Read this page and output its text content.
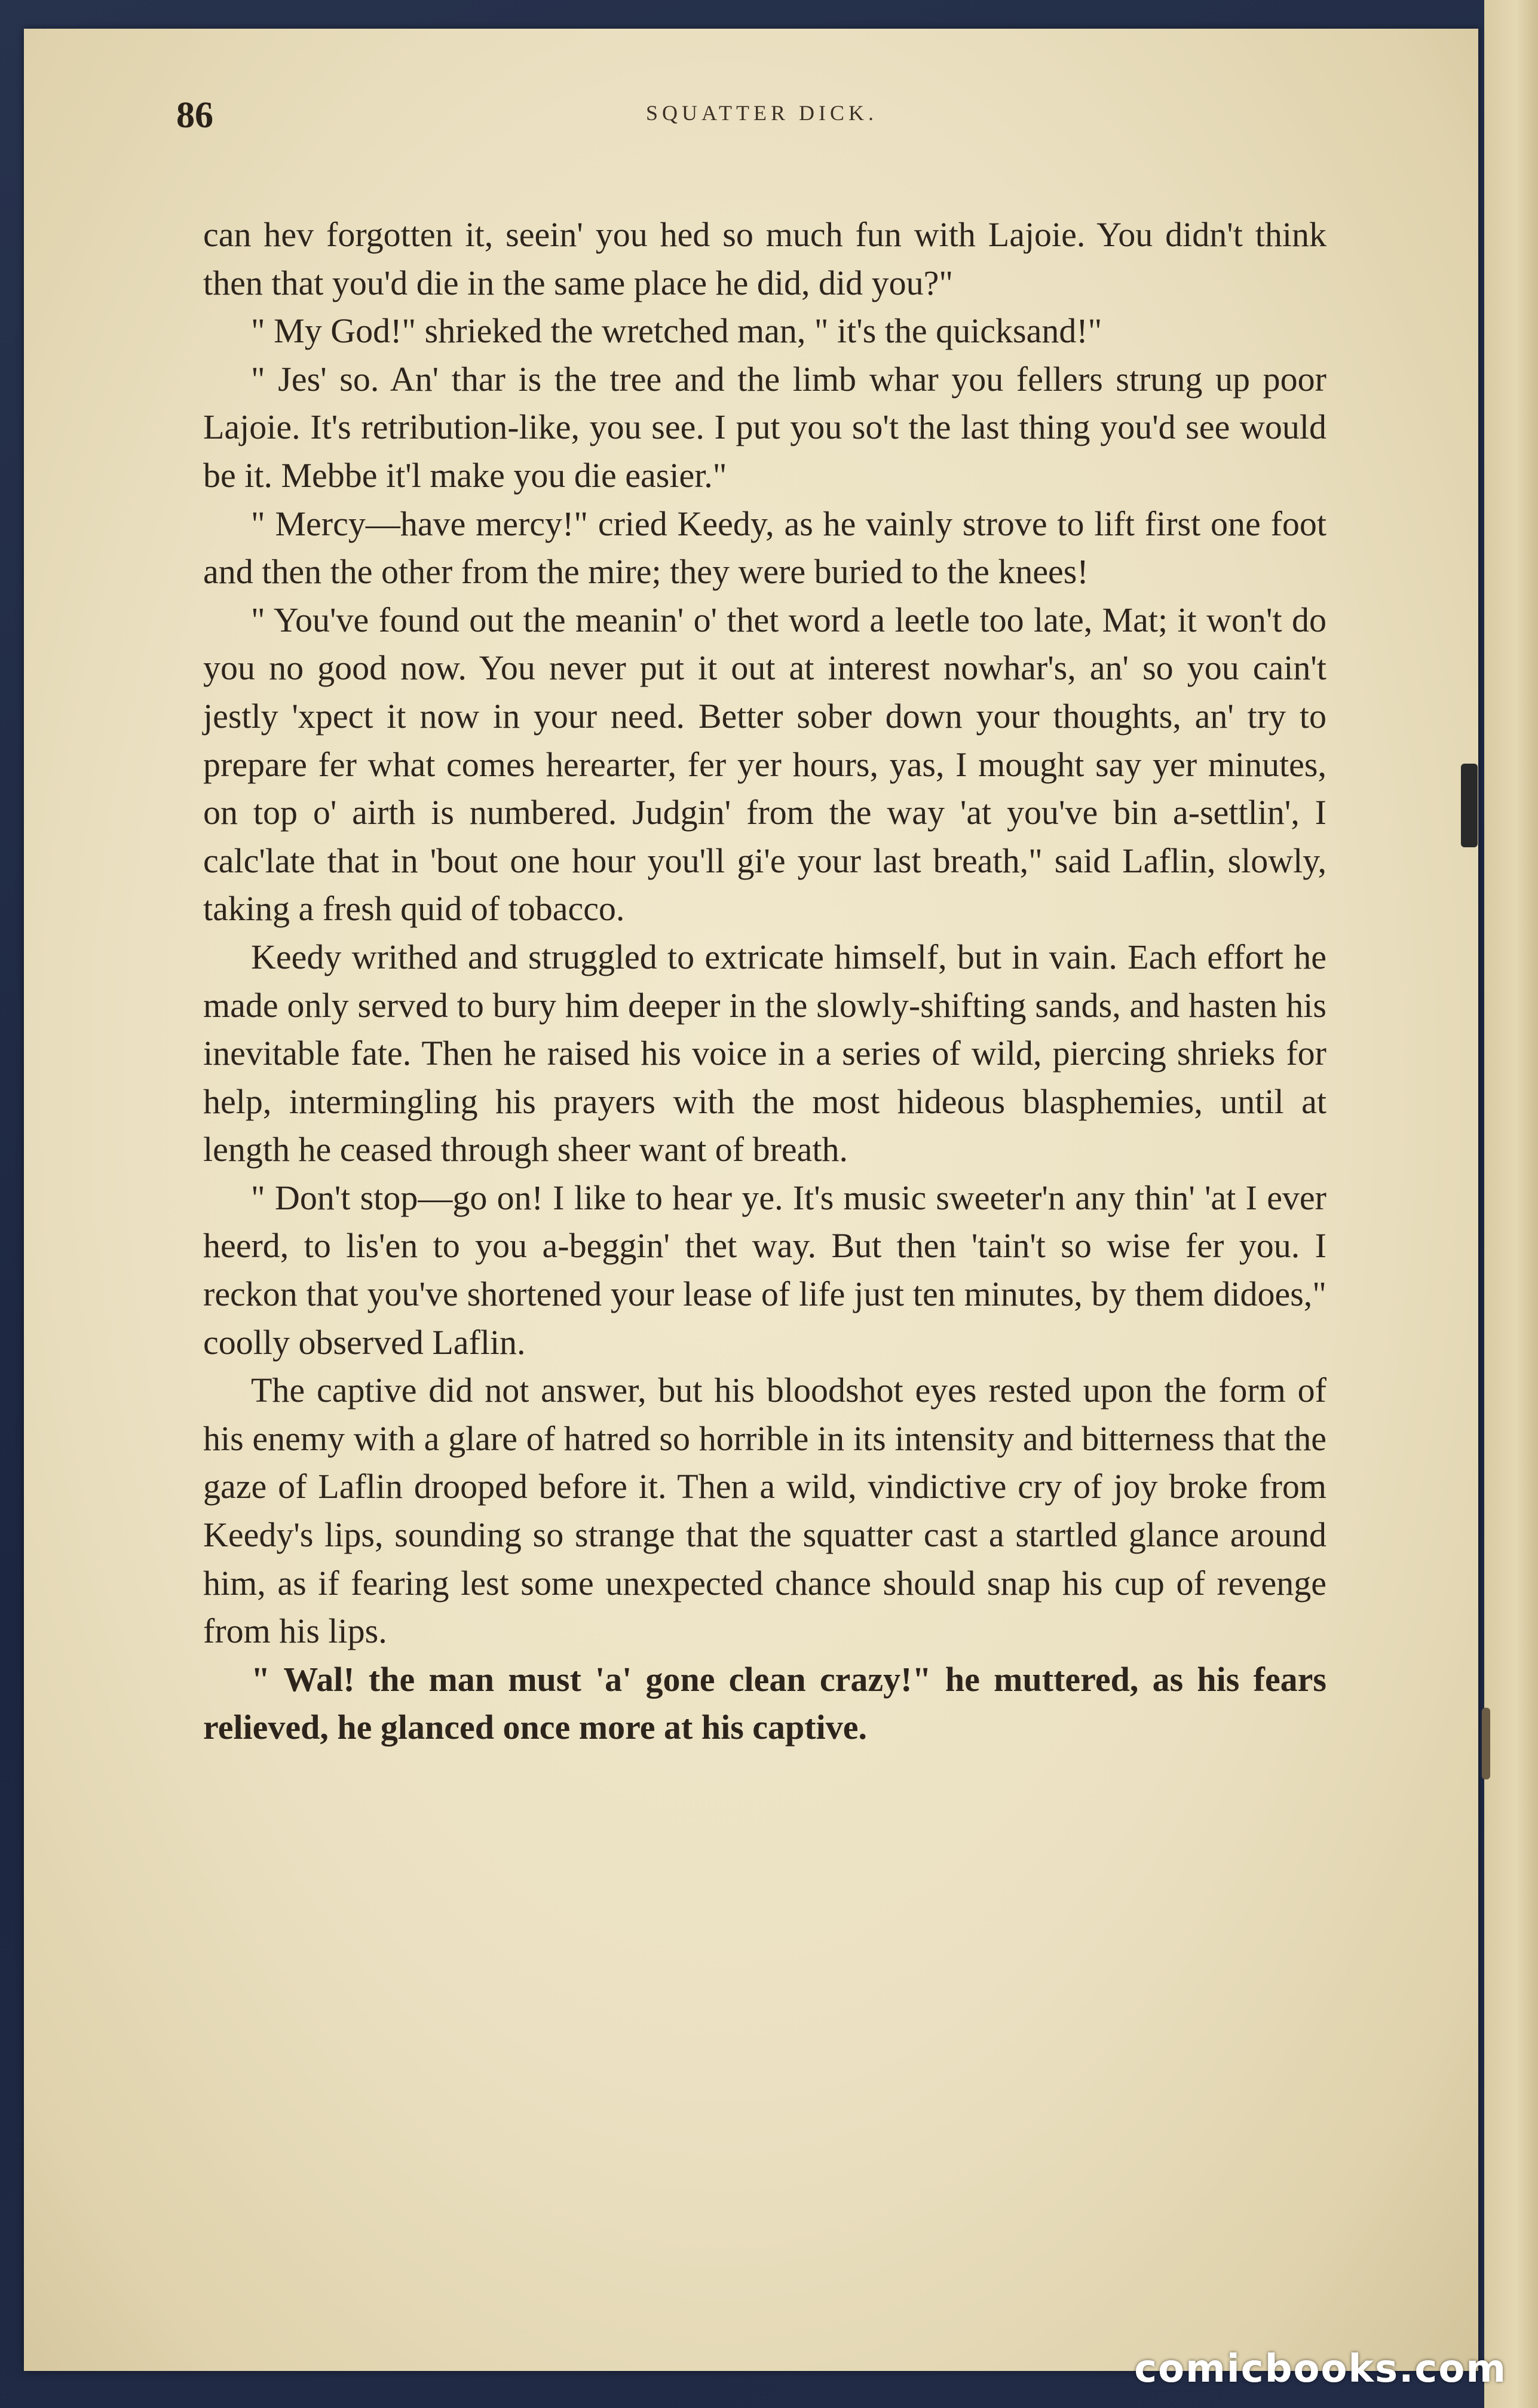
86	SQUATTER DICK.

can hev forgotten it, seein' you hed so much fun with Lajoie. You didn't think then that you'd die in the same place he did, did you?"

" My God!" shrieked the wretched man, " it's the quicksand!"

" Jes' so. An' thar is the tree and the limb whar you fellers strung up poor Lajoie. It's retribution-like, you see. I put you so't the last thing you'd see would be it. Mebbe it'l make you die easier."

" Mercy—have mercy!" cried Keedy, as he vainly strove to lift first one foot and then the other from the mire; they were buried to the knees!

" You've found out the meanin' o' thet word a leetle too late, Mat; it won't do you no good now. You never put it out at interest nowhar's, an' so you cain't jestly 'xpect it now in your need. Better sober down your thoughts, an' try to prepare fer what comes herearter, fer yer hours, yas, I mought say yer minutes, on top o' airth is numbered. Judgin' from the way 'at you've bin a-settlin', I calc'late that in 'bout one hour you'll gi'e your last breath," said Laflin, slowly, taking a fresh quid of tobacco.

Keedy writhed and struggled to extricate himself, but in vain. Each effort he made only served to bury him deeper in the slowly-shifting sands, and hasten his inevitable fate. Then he raised his voice in a series of wild, piercing shrieks for help, intermingling his prayers with the most hideous blasphemies, until at length he ceased through sheer want of breath.

" Don't stop—go on! I like to hear ye. It's music sweeter'n any thin' 'at I ever heerd, to lis'en to you a-beggin' thet way. But then 'tain't so wise fer you. I reckon that you've shortened your lease of life just ten minutes, by them didoes," coolly observed Laflin.

The captive did not answer, but his bloodshot eyes rested upon the form of his enemy with a glare of hatred so horrible in its intensity and bitterness that the gaze of Laflin drooped before it. Then a wild, vindictive cry of joy broke from Keedy's lips, sounding so strange that the squatter cast a startled glance around him, as if fearing lest some unexpected chance should snap his cup of revenge from his lips.

" Wal! the man must 'a' gone clean crazy!" he muttered, as his fears relieved, he glanced once more at his captive.

comicbooks.com
